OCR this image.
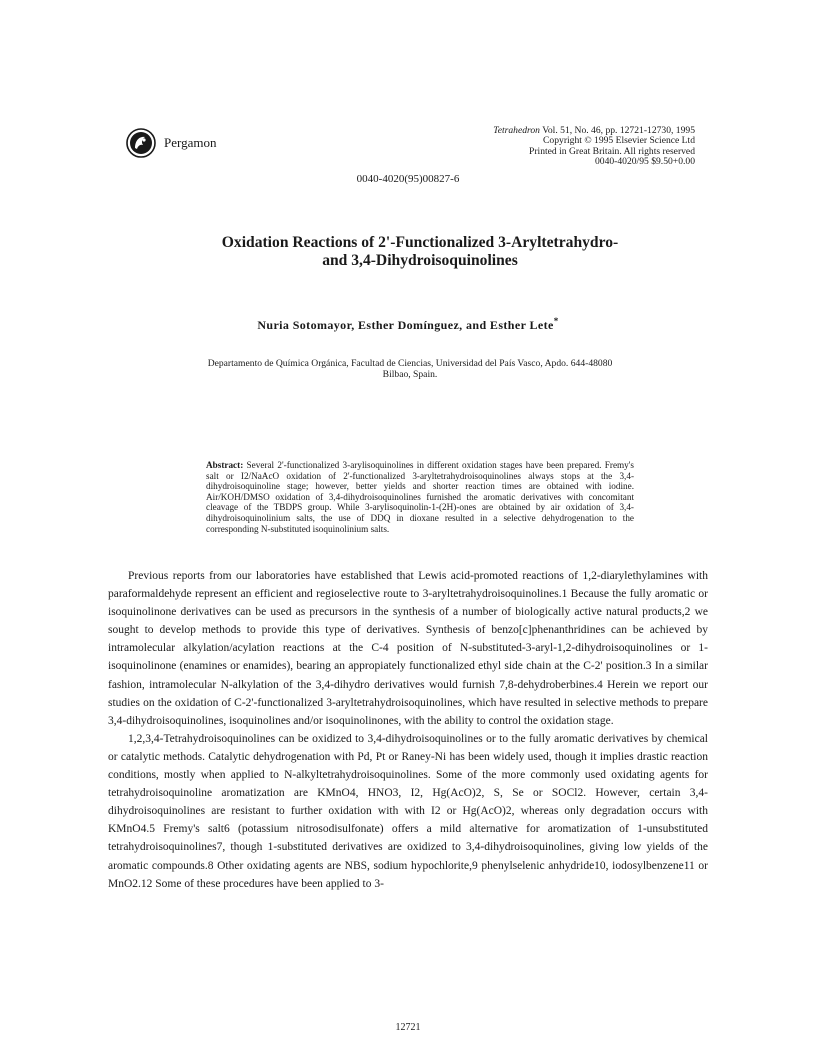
Pergamon
Tetrahedron Vol. 51, No. 46, pp. 12721-12730, 1995
Copyright © 1995 Elsevier Science Ltd
Printed in Great Britain. All rights reserved
0040-4020/95 $9.50+0.00
0040-4020(95)00827-6
Oxidation Reactions of 2'-Functionalized 3-Aryltetrahydro-
and 3,4-Dihydroisoquinolines
Nuria Sotomayor, Esther Domínguez, and Esther Lete*
Departamento de Química Orgánica, Facultad de Ciencias, Universidad del País Vasco, Apdo. 644-48080
Bilbao, Spain.
Abstract: Several 2'-functionalized 3-arylisoquinolines in different oxidation stages have been prepared. Fremy's salt or I2/NaAcO oxidation of 2'-functionalized 3-aryltetrahydroisoquinolines always stops at the 3,4-dihydroisoquinoline stage; however, better yields and shorter reaction times are obtained with iodine. Air/KOH/DMSO oxidation of 3,4-dihydroisoquinolines furnished the aromatic derivatives with concomitant cleavage of the TBDPS group. While 3-arylisoquinolin-1-(2H)-ones are obtained by air oxidation of 3,4-dihydroisoquinolinium salts, the use of DDQ in dioxane resulted in a selective dehydrogenation to the corresponding N-substituted isoquinolinium salts.

Previous reports from our laboratories have established that Lewis acid-promoted reactions of 1,2-diarylethylamines with paraformaldehyde represent an efficient and regioselective route to 3-aryltetrahydroisoquinolines.1 Because the fully aromatic or isoquinolinone derivatives can be used as precursors in the synthesis of a number of biologically active natural products,2 we sought to develop methods to provide this type of derivatives. Synthesis of benzo[c]phenanthridines can be achieved by intramolecular alkylation/acylation reactions at the C-4 position of N-substituted-3-aryl-1,2-dihydroisoquinolines or 1-isoquinolinone (enamines or enamides), bearing an appropiately functionalized ethyl side chain at the C-2' position.3 In a similar fashion, intramolecular N-alkylation of the 3,4-dihydro derivatives would furnish 7,8-dehydroberbines.4 Herein we report our studies on the oxidation of C-2'-functionalized 3-aryltetrahydroisoquinolines, which have resulted in selective methods to prepare 3,4-dihydroisoquinolines, isoquinolines and/or isoquinolinones, with the ability to control the oxidation stage.

1,2,3,4-Tetrahydroisoquinolines can be oxidized to 3,4-dihydroisoquinolines or to the fully aromatic derivatives by chemical or catalytic methods. Catalytic dehydrogenation with Pd, Pt or Raney-Ni has been widely used, though it implies drastic reaction conditions, mostly when applied to N-alkyltetrahydroisoquinolines. Some of the more commonly used oxidating agents for tetrahydroisoquinoline aromatization are KMnO4, HNO3, I2, Hg(AcO)2, S, Se or SOCl2. However, certain 3,4-dihydroisoquinolines are resistant to further oxidation with with I2 or Hg(AcO)2, whereas only degradation occurs with KMnO4.5 Fremy's salt6 (potassium nitrosodisulfonate) offers a mild alternative for aromatization of 1-unsubstituted tetrahydroisoquinolines7, though 1-substituted derivatives are oxidized to 3,4-dihydroisoquinolines, giving low yields of the aromatic compounds.8 Other oxidating agents are NBS, sodium hypochlorite,9 phenylselenic anhydride10, iodosylbenzene11 or MnO2.12 Some of these procedures have been applied to 3-

12721
